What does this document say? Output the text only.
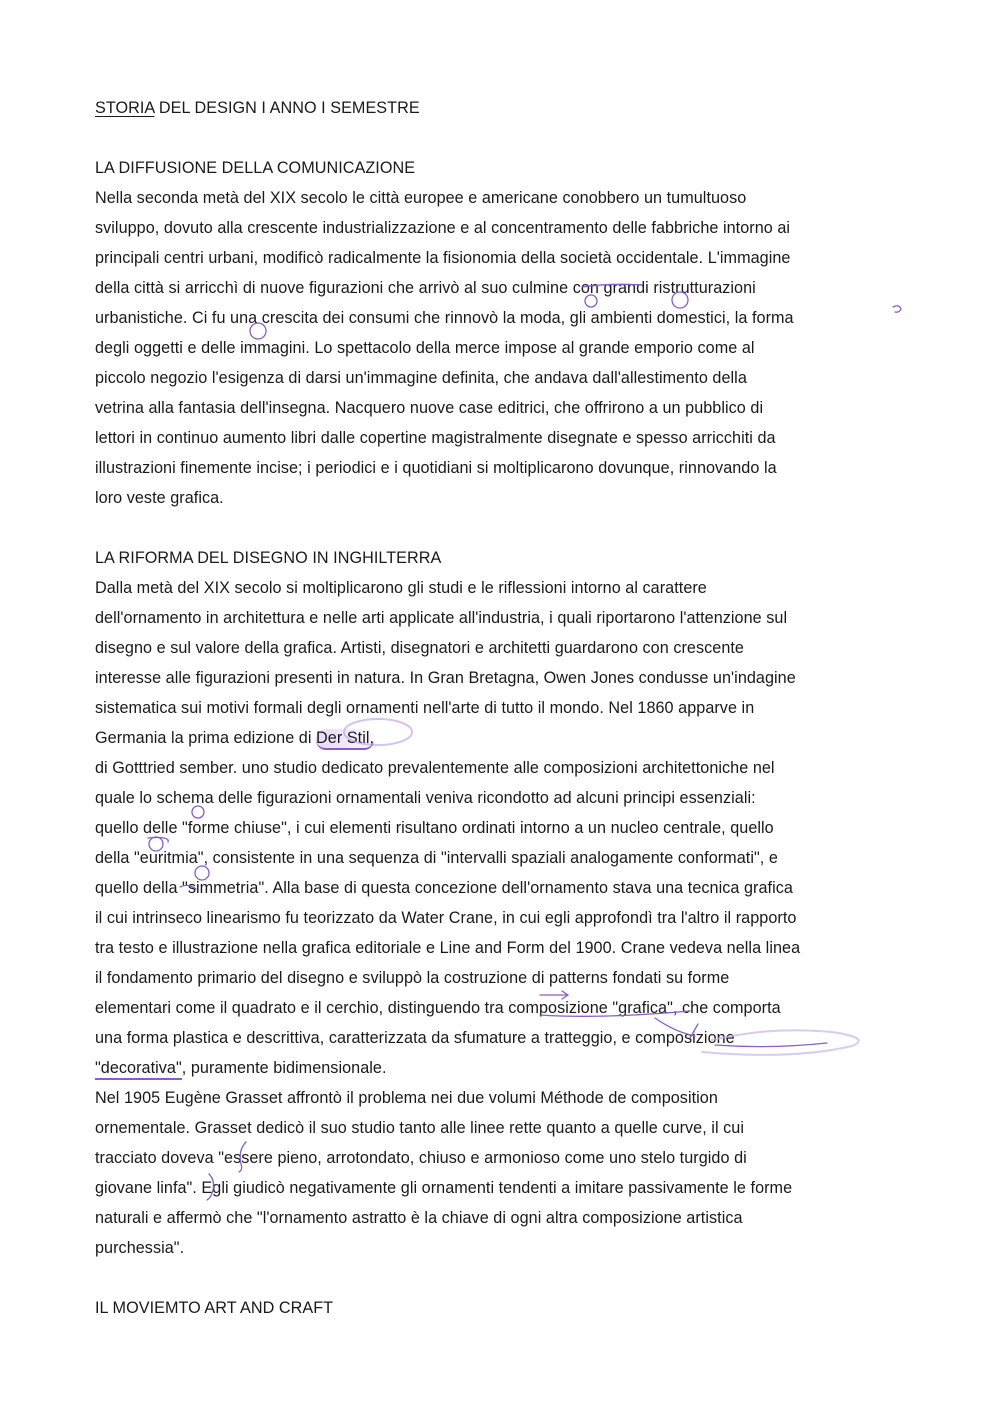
STORIA DEL DESIGN I ANNO I SEMESTRE
LA DIFFUSIONE DELLA COMUNICAZIONE
Nella seconda metà del XIX secolo le città europee e americane conobbero un tumultuoso
sviluppo, dovuto alla crescente industrializzazione e al concentramento delle fabbriche intorno ai
principali centri urbani, modificò radicalmente la fisionomia della società occidentale. L'immagine
della città si arricchì di nuove figurazioni che arrivò al suo culmine con grandi ristrutturazioni
urbanistiche. Ci fu una crescita dei consumi che rinnovò la moda, gli ambienti domestici, la forma
degli oggetti e delle immagini. Lo spettacolo della merce impose al grande emporio come al
piccolo negozio l'esigenza di darsi un'immagine definita, che andava dall'allestimento della
vetrina alla fantasia dell'insegna. Nacquero nuove case editrici, che offrirono a un pubblico di
lettori in continuo aumento libri dalle copertine magistralmente disegnate e spesso arricchiti da
illustrazioni finemente incise; i periodici e i quotidiani si moltiplicarono dovunque, rinnovando la
loro veste grafica.
LA RIFORMA DEL DISEGNO IN INGHILTERRA
Dalla metà del XIX secolo si moltiplicarono gli studi e le riflessioni intorno al carattere
dell'ornamento in architettura e nelle arti applicate all'industria, i quali riportarono l'attenzione sul
disegno e sul valore della grafica. Artisti, disegnatori e architetti guardarono con crescente
interesse alle figurazioni presenti in natura. In Gran Bretagna, Owen Jones condusse un'indagine
sistematica sui motivi formali degli ornamenti nell'arte di tutto il mondo. Nel 1860 apparve in
Germania la prima edizione di Der Stil,
di Gotttried sember. uno studio dedicato prevalentemente alle composizioni architettoniche nel
quale lo schema delle figurazioni ornamentali veniva ricondotto ad alcuni principi essenziali:
quello delle "forme chiuse", i cui elementi risultano ordinati intorno a un nucleo centrale, quello
della "euritmia", consistente in una sequenza di "intervalli spaziali analogamente conformati", e
quello della "simmetria". Alla base di questa concezione dell'ornamento stava una tecnica grafica
il cui intrinseco linearismo fu teorizzato da Water Crane, in cui egli approfondì tra l'altro il rapporto
tra testo e illustrazione nella grafica editoriale e Line and Form del 1900. Crane vedeva nella linea
il fondamento primario del disegno e sviluppò la costruzione di patterns fondati su forme
elementari come il quadrato e il cerchio, distinguendo tra composizione "grafica", che comporta
una forma plastica e descrittiva, caratterizzata da sfumature a tratteggio, e composizione
"decorativa", puramente bidimensionale.
Nel 1905 Eugène Grasset affrontò il problema nei due volumi Méthode de composition
ornementale. Grasset dedicò il suo studio tanto alle linee rette quanto a quelle curve, il cui
tracciato doveva "essere pieno, arrotondato, chiuso e armonioso come uno stelo turgido di
giovane linfa". Egli giudicò negativamente gli ornamenti tendenti a imitare passivamente le forme
naturali e affermò che "l'ornamento astratto è la chiave di ogni altra composizione artistica
purchessia".
IL MOVIEMTO ART AND CRAFT
